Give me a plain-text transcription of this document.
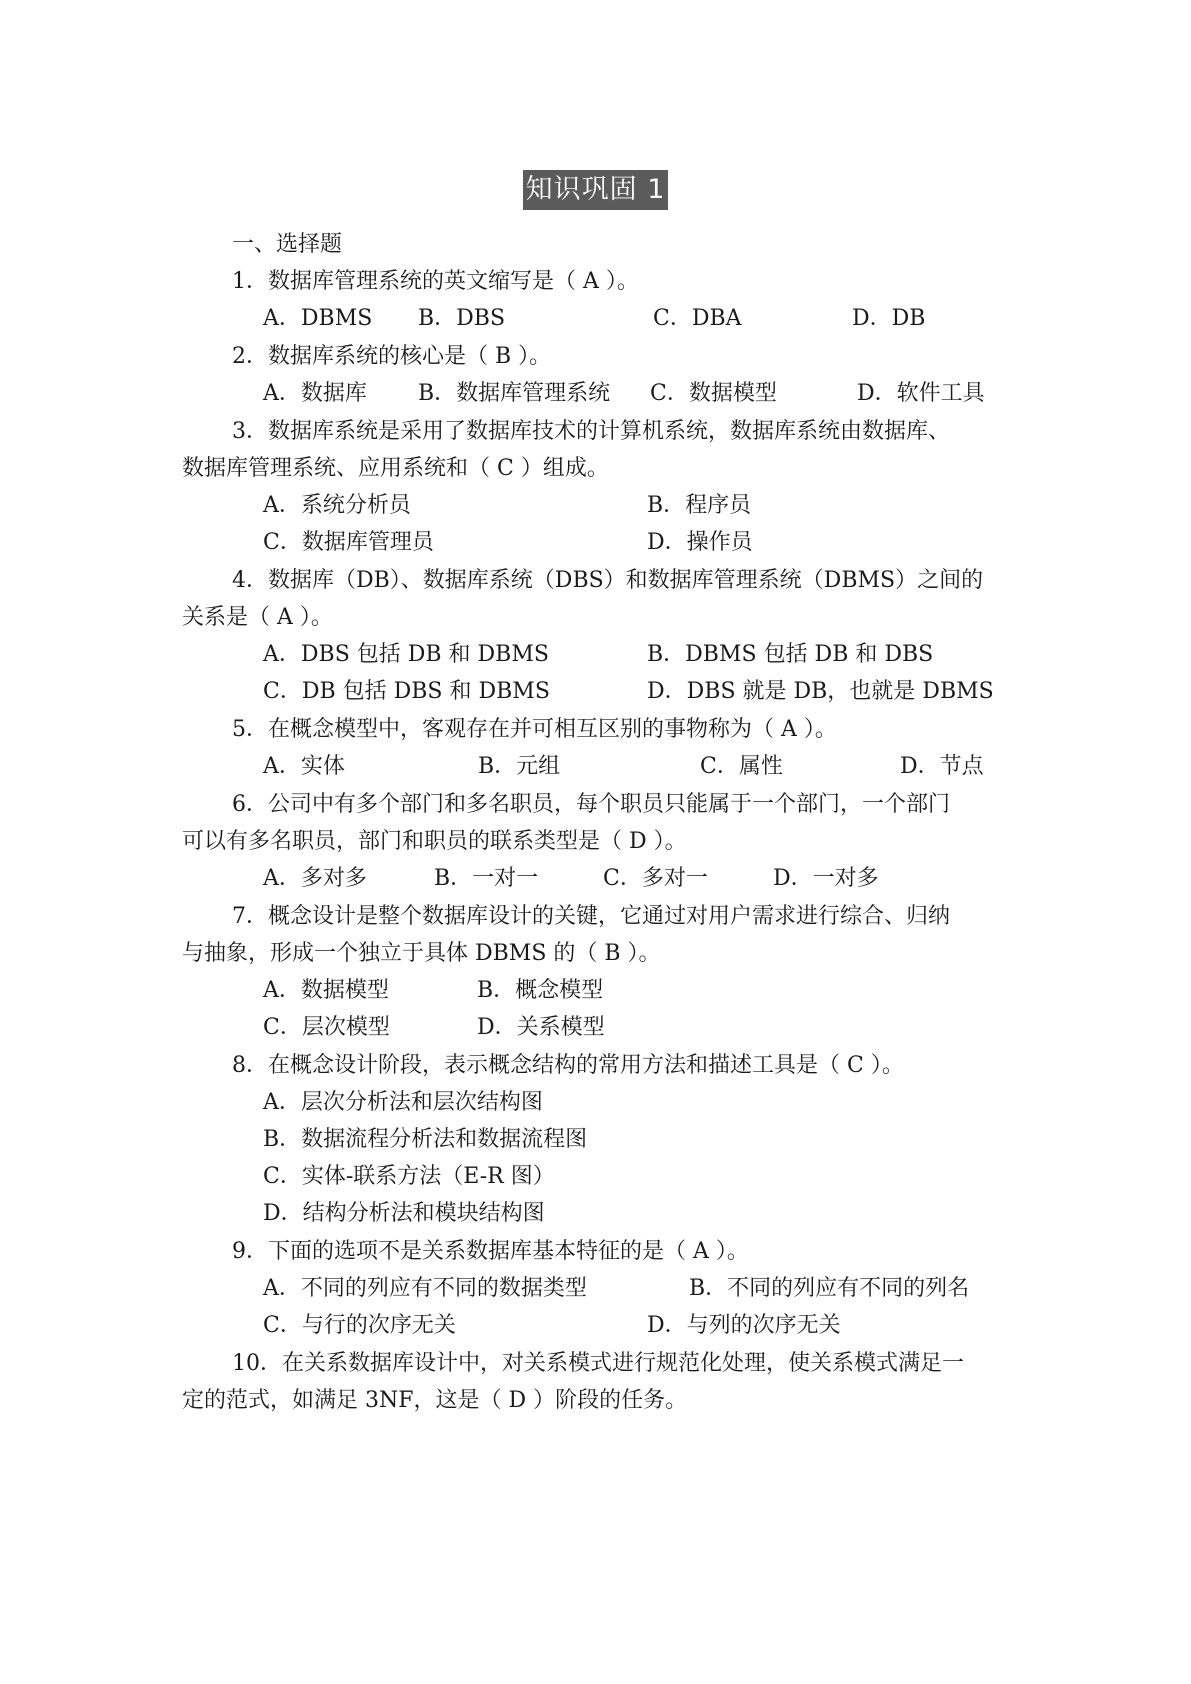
知识巩固 1
一、选择题
1．数据库管理系统的英文缩写是（ A ）。
A．DBMS B．DBS	C．DBA	D．DB
2．数据库系统的核心是（ B ）。
A．数据库 B．数据库管理系统 C．数据模型	D．软件工具
3．数据库系统是采用了数据库技术的计算机系统，数据库系统由数据库、
数据库管理系统、应用系统和（ C ）组成。
A．系统分析员	B．程序员
C．数据库管理员	D．操作员
4．数据库（DB）、数据库系统（DBS）和数据库管理系统（DBMS）之间的
关系是（ A ）。
A．DBS 包括 DB 和 DBMS	B．DBMS 包括 DB 和 DBS
C．DB 包括 DBS 和 DBMS	D．DBS 就是 DB，也就是 DBMS
5．在概念模型中，客观存在并可相互区别的事物称为（ A ）。
A．实体	B．元组	C．属性	D．节点
6．公司中有多个部门和多名职员，每个职员只能属于一个部门，一个部门
可以有多名职员，部门和职员的联系类型是（ D ）。
A．多对多	B．一对一	C．多对一	D．一对多
7．概念设计是整个数据库设计的关键，它通过对用户需求进行综合、归纳
与抽象，形成一个独立于具体 DBMS 的（ B ）。
A．数据模型	B．概念模型
C．层次模型	D．关系模型
8．在概念设计阶段，表示概念结构的常用方法和描述工具是（ C ）。
A．层次分析法和层次结构图
B．数据流程分析法和数据流程图
C．实体-联系方法（E-R 图）
D．结构分析法和模块结构图
9．下面的选项不是关系数据库基本特征的是（ A ）。
A．不同的列应有不同的数据类型	B．不同的列应有不同的列名
C．与行的次序无关	D．与列的次序无关
10．在关系数据库设计中，对关系模式进行规范化处理，使关系模式满足一
定的范式，如满足 3NF，这是（ D ）阶段的任务。
